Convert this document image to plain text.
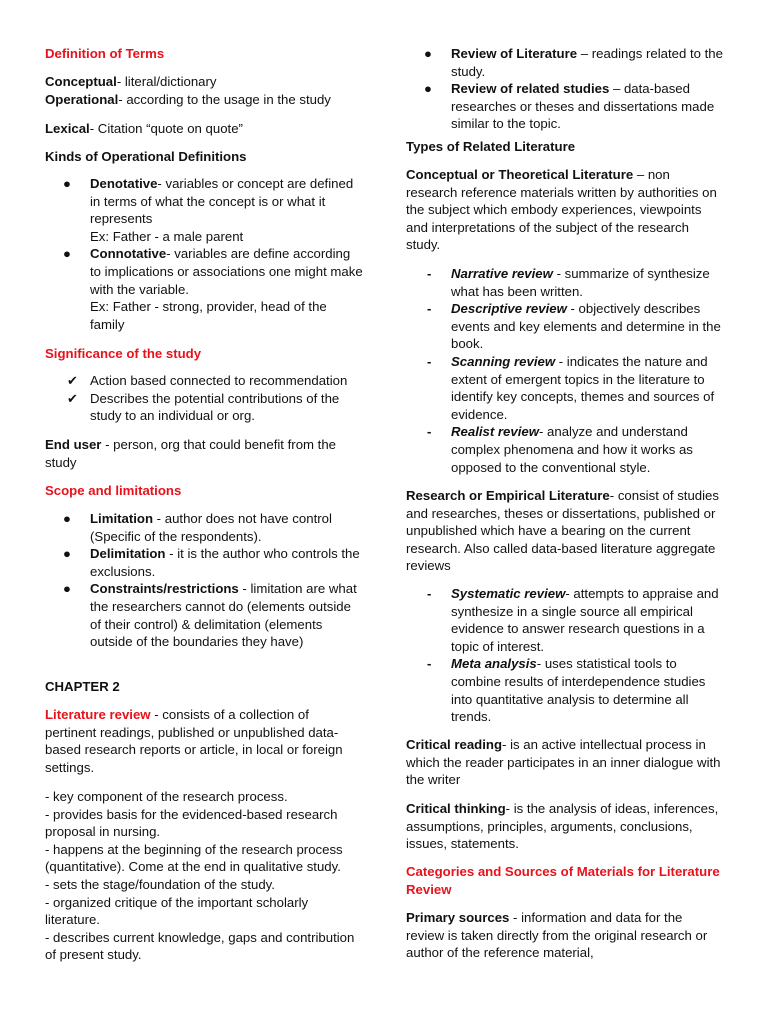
Definition of Terms

Conceptual- literal/dictionary

Operational- according to the usage in the study

Lexical- Citation “quote on quote”

Kinds of Operational Definitions

●	Denotative- variables or concept are defined in terms of what the concept is or what it represents
Ex: Father - a male parent
●	Connotative- variables are define according to implications or associations one might make with the variable.
Ex: Father - strong, provider, head of the family

Significance of the study

✔ Action based connected to recommendation
✔ Describes the potential contributions of the study to an individual or org.

End user - person, org that could benefit from the study

Scope and limitations

●	Limitation - author does not have control (Specific of the respondents).
●	Delimitation - it is the author who controls the exclusions.
●	Constraints/restrictions - limitation are what the researchers cannot do (elements outside of their control) & delimitation (elements outside of the boundaries they have)

CHAPTER 2

Literature review - consists of a collection of pertinent readings, published or unpublished data-based research reports or article, in local or foreign settings.

- key component of the research process.

- provides basis for the evidenced-based research proposal in nursing.

- happens at the beginning of the research process (quantitative). Come at the end in qualitative study.

- sets the stage/foundation of the study.

- organized critique of the important scholarly literature.

- describes current knowledge, gaps and contribution of present study.

●	Review of Literature – readings related to the study.
●	Review of related studies – data-based researches or theses and dissertations made similar to the topic.

Types of Related Literature

Conceptual or Theoretical Literature – non research reference materials written by authorities on the subject which embody experiences, viewpoints and interpretations of the subject of the research study.

-	Narrative review - summarize of synthesize what has been written.
-	Descriptive review - objectively describes events and key elements and determine in the book.
-	Scanning review - indicates the nature and extent of emergent topics in the literature to identify key concepts, themes and sources of evidence.
-	Realist review- analyze and understand complex phenomena and how it works as opposed to the conventional style.

Research or Empirical Literature- consist of studies and researches, theses or dissertations, published or unpublished which have a bearing on the current research. Also called data-based literature aggregate reviews

-	Systematic review- attempts to appraise and synthesize in a single source all empirical evidence to answer research questions in a topic of interest.
-	Meta analysis- uses statistical tools to combine results of interdependence studies into quantitative analysis to determine all trends.

Critical reading- is an active intellectual process in which the reader participates in an inner dialogue with the writer

Critical thinking- is the analysis of ideas, inferences, assumptions, principles, arguments, conclusions, issues, statements.

Categories and Sources of Materials for Literature Review

Primary sources - information and data for the review is taken directly from the original research or author of the reference material,
